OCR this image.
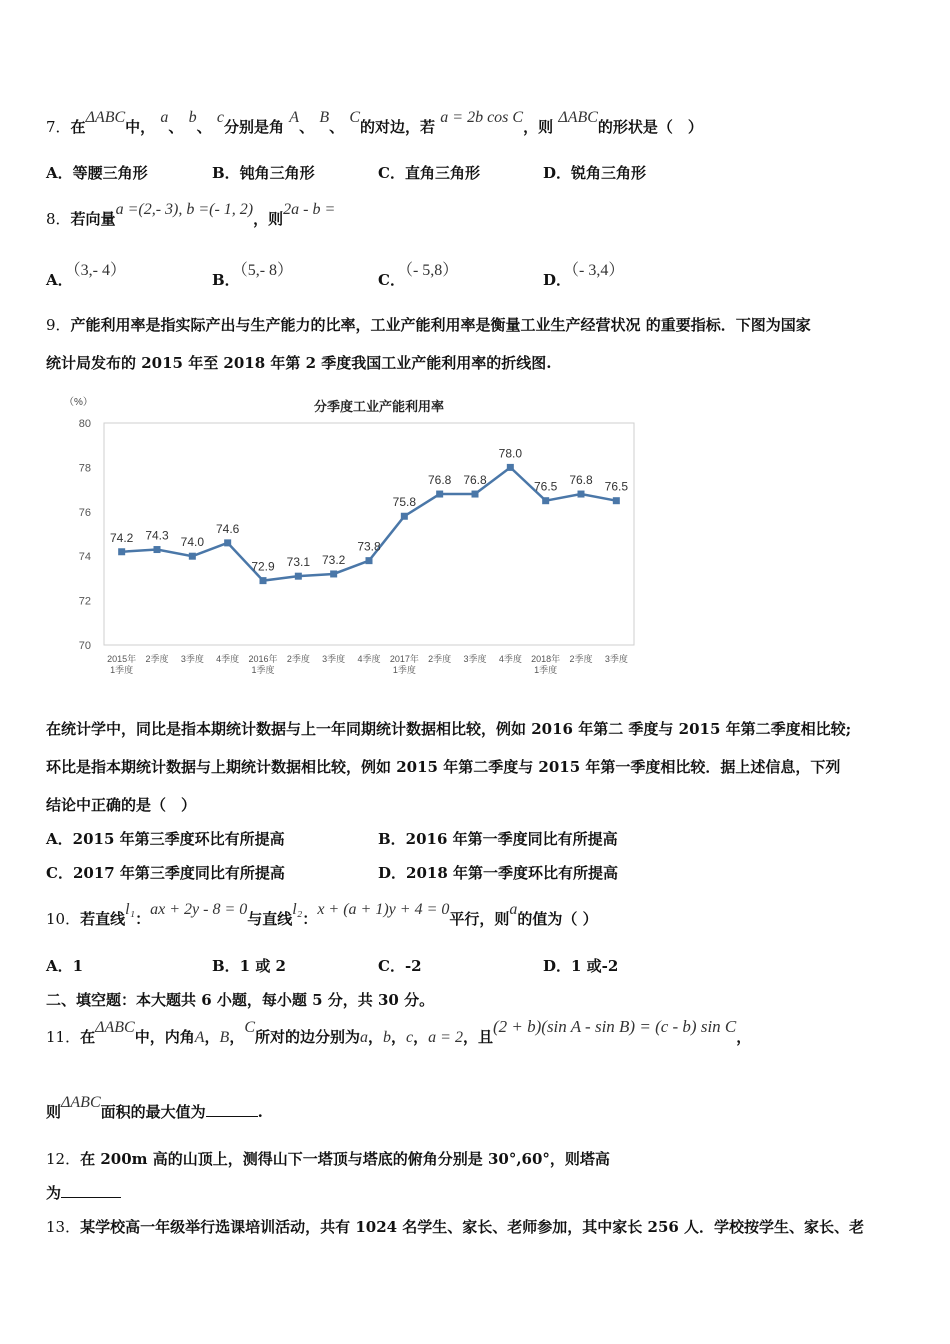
7．在ΔABC中， a、 b、 c分别是角 A、 B、 C的对边，若 a = 2b cos C，则 ΔABC的形状是（　）
A．等腰三角形	B．钝角三角形	C．直角三角形	D．锐角三角形
8．若向量a =(2,- 3), b =(- 1, 2)，则2a - b =
A．（3,- 4）
B．（5,- 8）
C．（- 5,8）
D．（- 3,4）
9．产能利用率是指实际产出与生产能力的比率，工业产能利用率是衡量工业生产经营状况 的重要指标．下图为国家
统计局发布的 2015 年至 2018 年第 2 季度我国工业产能利用率的折线图.
分季度工业产能利用率
（%）
70
72
74
76
78
80
2015年
1季度
2季度 3季度 4季度 2016年
1季度
2季度 3季度 4季度 2017年
1季度
2季度 3季度 4季度 2018年
1季度
2季度 3季度
74.2 74.3 74.0
74.6
72.9 73.1 73.2
73.8
75.8
76.8 76.8
78.0
76.5 76.8 76.5
在统计学中，同比是指本期统计数据与上一年同期统计数据相比较，例如 2016 年第二 季度与 2015 年第二季度相比较;
环比是指本期统计数据与上期统计数据相比较，例如 2015 年第二季度与 2015 年第一季度相比较．据上述信息，下列
结论中正确的是（　）
A．2015 年第三季度环比有所提高	B．2016 年第一季度同比有所提高
C．2017 年第三季度同比有所提高	D．2018 年第一季度环比有所提高
10．若直线l₁：ax + 2y - 8 = 0与直线l₂：x + (a + 1)y + 4 = 0平行，则a的值为（ ）
A．1	B．1 或 2	C．-2	D．1 或-2
二、填空题：本大题共 6 小题，每小题 5 分，共 30 分。
11．在ΔABC中，内角A，B，C所对的边分别为a，b，c，a = 2，且(2 + b)(sin A - sin B) = (c - b) sin C，
则ΔABC面积的最大值为	.
12．在 200m 高的山顶上，测得山下一塔顶与塔底的俯角分别是 30°,60°，则塔高
为
13．某学校高一年级举行选课培训活动，共有 1024 名学生、家长、老师参加，其中家长 256 人．学校按学生、家长、老
